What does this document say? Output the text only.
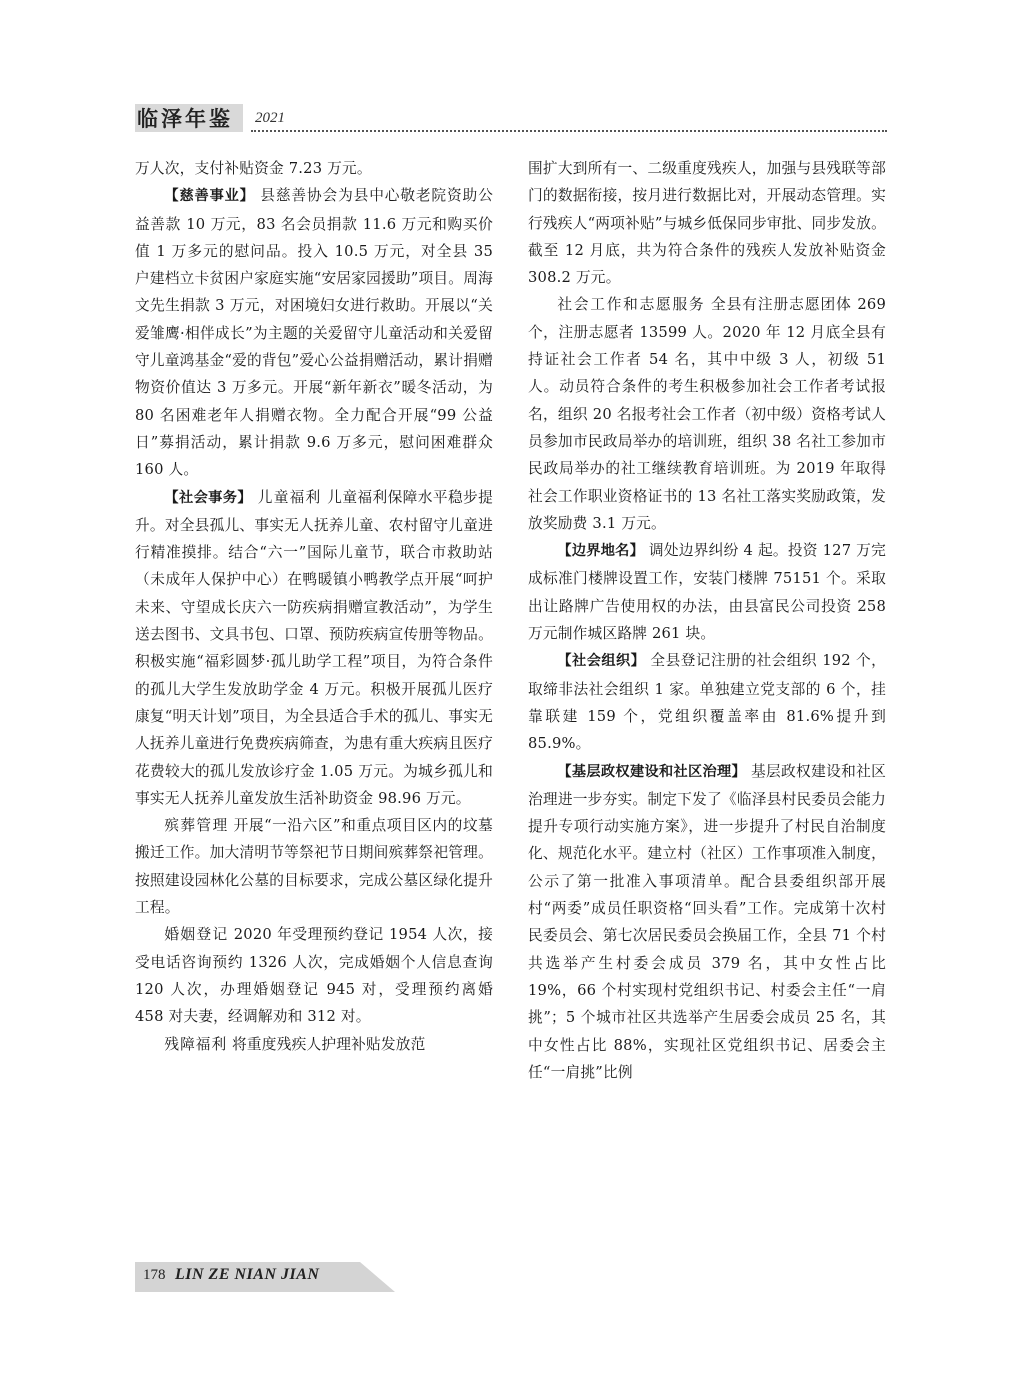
临泽年鉴 2021

万人次，支付补贴资金 7.23 万元。

【慈善事业】 县慈善协会为县中心敬老院资助公益善款 10 万元，83 名会员捐款 11.6 万元和购买价值 1 万多元的慰问品。投入 10.5 万元，对全县 35 户建档立卡贫困户家庭实施“安居家园援助”项目。周海文先生捐款 3 万元，对困境妇女进行救助。开展以“关爱雏鹰·相伴成长”为主题的关爱留守儿童活动和关爱留守儿童鸿基金“爱的背包”爱心公益捐赠活动，累计捐赠物资价值达 3 万多元。开展“新年新衣”暖冬活动，为 80 名困难老年人捐赠衣物。全力配合开展“99 公益日”募捐活动，累计捐款 9.6 万多元，慰问困难群众 160 人。

【社会事务】 儿童福利 儿童福利保障水平稳步提升。对全县孤儿、事实无人抚养儿童、农村留守儿童进行精准摸排。结合“六一”国际儿童节，联合市救助站（未成年人保护中心）在鸭暖镇小鸭教学点开展“呵护未来、守望成长庆六一防疾病捐赠宣教活动”，为学生送去图书、文具书包、口罩、预防疾病宣传册等物品。积极实施“福彩圆梦·孤儿助学工程”项目，为符合条件的孤儿大学生发放助学金 4 万元。积极开展孤儿医疗康复“明天计划”项目，为全县适合手术的孤儿、事实无人抚养儿童进行免费疾病筛查，为患有重大疾病且医疗花费较大的孤儿发放诊疗金 1.05 万元。为城乡孤儿和事实无人抚养儿童发放生活补助资金 98.96 万元。

殡葬管理 开展“一沿六区”和重点项目区内的坟墓搬迁工作。加大清明节等祭祀节日期间殡葬祭祀管理。按照建设园林化公墓的目标要求，完成公墓区绿化提升工程。

婚姻登记 2020 年受理预约登记 1954 人次，接受电话咨询预约 1326 人次，完成婚姻个人信息查询 120 人次，办理婚姻登记 945 对，受理预约离婚 458 对夫妻，经调解劝和 312 对。

残障福利 将重度残疾人护理补贴发放范

围扩大到所有一、二级重度残疾人，加强与县残联等部门的数据衔接，按月进行数据比对，开展动态管理。实行残疾人“两项补贴”与城乡低保同步审批、同步发放。截至 12 月底，共为符合条件的残疾人发放补贴资金 308.2 万元。

社会工作和志愿服务 全县有注册志愿团体 269 个，注册志愿者 13599 人。2020 年 12 月底全县有持证社会工作者 54 名，其中中级 3 人，初级 51 人。动员符合条件的考生积极参加社会工作者考试报名，组织 20 名报考社会工作者（初中级）资格考试人员参加市民政局举办的培训班，组织 38 名社工参加市民政局举办的社工继续教育培训班。为 2019 年取得社会工作职业资格证书的 13 名社工落实奖励政策，发放奖励费 3.1 万元。

【边界地名】 调处边界纠纷 4 起。投资 127 万完成标准门楼牌设置工作，安装门楼牌 75151 个。采取出让路牌广告使用权的办法，由县富民公司投资 258 万元制作城区路牌 261 块。

【社会组织】 全县登记注册的社会组织 192 个，取缔非法社会组织 1 家。单独建立党支部的 6 个，挂靠联建 159 个，党组织覆盖率由 81.6%提升到 85.9%。

【基层政权建设和社区治理】 基层政权建设和社区治理进一步夯实。制定下发了《临泽县村民委员会能力提升专项行动实施方案》，进一步提升了村民自治制度化、规范化水平。建立村（社区）工作事项准入制度，公示了第一批准入事项清单。配合县委组织部开展村“两委”成员任职资格“回头看”工作。完成第十次村民委员会、第七次居民委员会换届工作，全县 71 个村共选举产生村委会成员 379 名，其中女性占比 19%，66 个村实现村党组织书记、村委会主任“一肩挑”；5 个城市社区共选举产生居委会成员 25 名，其中女性占比 88%，实现社区党组织书记、居委会主任“一肩挑”比例

178 LIN ZE NIAN JIAN
